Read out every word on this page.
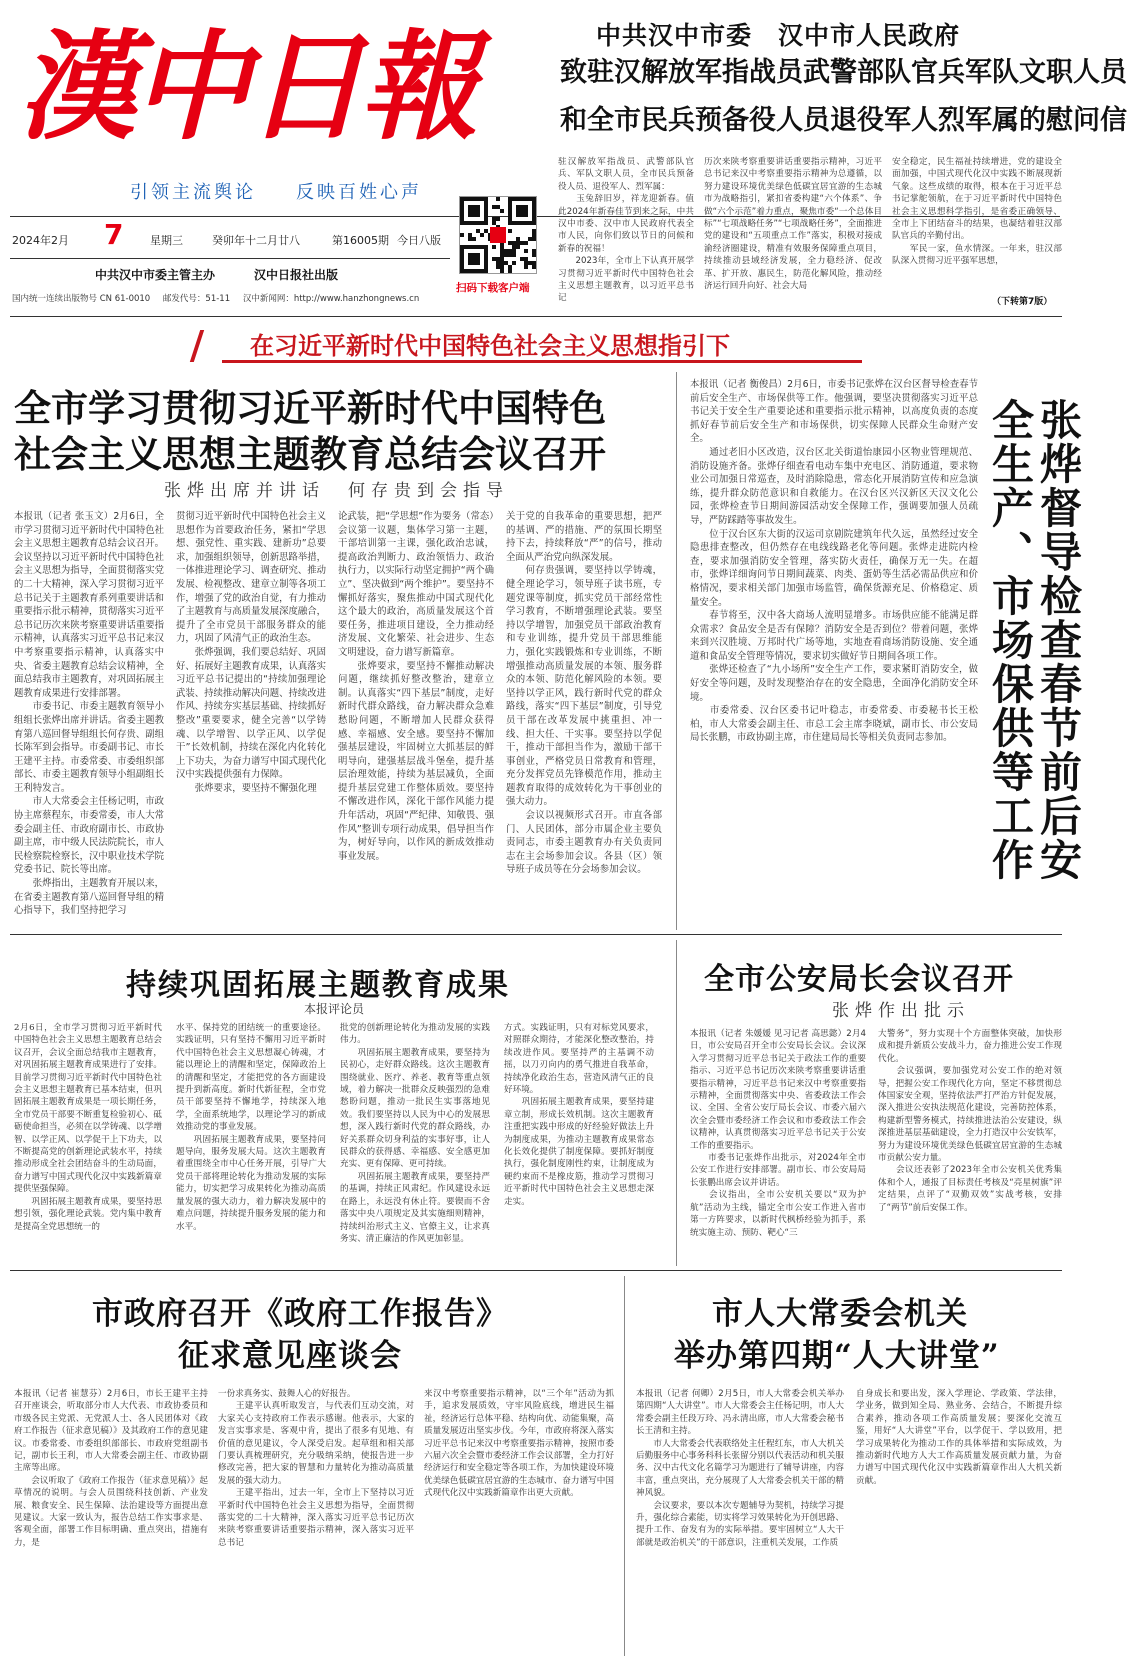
漢中日報
引领主流舆论 反映百姓心声
2024年2月 7 星期三	癸卯年十二月廿八	第16005期 今日八版
中共汉中市委主管主办	汉中日报社出版
国内统一连续出版物号 CN 61-0010 邮发代号：51-11 汉中新闻网：http://www.hanzhongnews.cn
扫码下载客户端
中共汉中市委　汉中市人民政府
致驻汉解放军指战员武警部队官兵军队文职人员
和全市民兵预备役人员退役军人烈军属的慰问信
驻汉解放军指战员、武警部队官兵、军队文职人员，全市民兵预备役人员、退役军人、烈军属：
　　玉兔辞旧岁，祥龙迎新春。值此2024年新春佳节到来之际，中共汉中市委、汉中市人民政府代表全市人民，向你们致以节日的问候和新春的祝福！
　　2023年，全市上下认真开展学习贯彻习近平新时代中国特色社会主义思想主题教育，以习近平总书记
历次来陕考察重要讲话重要指示精神，习近平总书记来汉中考察重要指示精神为总遵循，以努力建设环境优美绿色低碳宜居宜游的生态城市为战略指引，紧扣省委构建“六个体系”、争做“六个示范”着力重点，聚焦市委“一个总体目标”“七项战略任务”“七项战略任务”，全面推进党的建设和“五项重点工作”落实，积极对接成渝经济圈建设，精准有效服务保障重点项目，持续推动县域经济发展，全力稳经济、促改革、扩开放、惠民生，防范化解风险，推动经济运行回升向好、社会大局
安全稳定，民生福祉持续增进，党的建设全面加强，中国式现代化汉中实践不断展现新气象。这些成绩的取得，根本在于习近平总书记掌舵领航，在于习近平新时代中国特色社会主义思想科学指引，是省委正确领导、全市上下团结奋斗的结果，也凝结着驻汉部队官兵的辛勤付出。
　　军民一家，鱼水情深。一年来，驻汉部队深入贯彻习近平强军思想，
（下转第7版）
在习近平新时代中国特色社会主义思想指引下
全市学习贯彻习近平新时代中国特色
社会主义思想主题教育总结会议召开
张烨出席并讲话　何存贵到会指导
本报讯（记者 张玉文）2月6日，全市学习贯彻习近平新时代中国特色社会主义思想主题教育总结会议召开。会议坚持以习近平新时代中国特色社会主义思想为指导，全面贯彻落实党的二十大精神，深入学习贯彻习近平总书记关于主题教育系列重要讲话和重要指示批示精神，贯彻落实习近平总书记历次来陕考察重要讲话重要指示精神，认真落实习近平总书记来汉中考察重要指示精神，认真落实中央、省委主题教育总结会议精神，全面总结我市主题教育，对巩固拓展主题教育成果进行安排部署。
　　市委书记、市委主题教育领导小组组长张烨出席并讲话。省委主题教育第八巡回督导组组长何存贵、副组长陈军到会指导。市委副书记、市长王建平主持。市委常委、市委组织部部长、市委主题教育领导小组副组长王利特发言。
　　市人大常委会主任杨记明，市政协主席蔡程东，市委常委，市人大常委会副主任、市政府副市长、市政协副主席，市中级人民法院院长，市人民检察院检察长，汉中职业技术学院党委书记、院长等出席。
　　张烨指出，主题教育开展以来，在省委主题教育第八巡回督导组的精心指导下，我们坚持把学习
贯彻习近平新时代中国特色社会主义思想作为首要政治任务，紧扣“学思想、强党性、重实践、建新功”总要求，加强组织领导，创新思路举措，一体推进理论学习、调查研究、推动发展、检视整改、建章立制等各项工作，增强了党的政治自觉，有力推动了主题教育与高质量发展深度融合，提升了全市党员干部服务群众的能力，巩固了风清气正的政治生态。
　　张烨强调，我们要总结好、巩固好、拓展好主题教育成果，认真落实习近平总书记提出的“持续加强理论武装、持续推动解决问题、持续改进作风、持续夯实基层基础、持续抓好整改”重要要求，健全完善“以学铸魂、以学增智、以学正风、以学促干”长效机制，持续在深化内化转化上下功夫，为奋力谱写中国式现代化汉中实践提供强有力保障。
　　张烨要求，要坚持不懈强化理
论武装，把“学思想”作为要务（常态）会议第一议题，集体学习第一主题，干部培训第一主课，强化政治忠诚，提高政治判断力、政治领悟力、政治执行力，以实际行动坚定拥护“两个确立”、坚决做到“两个维护”。要坚持不懈抓好落实，聚焦推动中国式现代化这个最大的政治，高质量发展这个首要任务，推进项目建设，全力推动经济发展、文化繁荣、社会进步、生态文明建设，奋力谱写新篇章。
　　张烨要求，要坚持不懈推动解决问题，继续抓好整改整治，建章立制。认真落实“四下基层”制度，走好新时代群众路线，奋力解决群众急难愁盼问题，不断增加人民群众获得感、幸福感、安全感。要坚持不懈加强基层建设，牢固树立大抓基层的鲜明导向，建强基层战斗堡垒，提升基层治理效能，持续为基层减负，全面提升基层党建工作整体质效。要坚持不懈改进作风，深化干部作风能力提升年活动，巩固“严纪律、知敬畏、强作风”整训专项行动成果，倡导担当作为，树好导向，以作风的新成效推动事业发展。
关于党的自我革命的重要思想，把严的基调、严的措施、严的氛围长期坚持下去，持续释放“严”的信号，推动全面从严治党向纵深发展。
　　何存贵强调，要坚持以学铸魂，健全理论学习，领导班子读书班，专题党课等制度，抓实党员干部经常性学习教育，不断增强理论武装。要坚持以学增智，加强党员干部政治教育和专业训练，提升党员干部思维能力，强化实践锻炼和专业训练，不断增强推动高质量发展的本领、服务群众的本领、防范化解风险的本领。要坚持以学正风，践行新时代党的群众路线，落实“四下基层”制度，引导党员干部在改革发展中挑重担、冲一线、担大任、干实事。要坚持以学促干，推动干部担当作为，激励干部干事创业，严格党员日常教育和管理，充分发挥党员先锋模范作用，推动主题教育取得的成效转化为干事创业的强大动力。
　　会议以视频形式召开。市直各部门、人民团体，部分市属企业主要负责同志，市委主题教育办有关负责同志在主会场参加会议。各县（区）领导班子成员等在分会场参加会议。
本报讯（记者 衡俊昌）2月6日，市委书记张烨在汉台区督导检查春节前后安全生产、市场保供等工作。他强调，要坚决贯彻落实习近平总书记关于安全生产重要论述和重要指示批示精神，以高度负责的态度抓好春节前后安全生产和市场保供，切实保障人民群众生命财产安全。
　　通过老旧小区改造，汉台区北关街道怡康园小区物业管理规范、消防设施齐备。张烨仔细查看电动车集中充电区、消防通道，要求物业公司加强日常巡查，及时消除隐患，常态化开展消防宣传和应急演练，提升群众防范意识和自救能力。在汉台区兴汉新区天汉文化公园，张烨检查节日期间游园活动安全保障工作，强调要加强人员疏导，严防踩踏等事故发生。
　　位于汉台区东大街的汉运司京剧院建筑年代久远，虽然经过安全隐患排查整改，但仍然存在电线线路老化等问题。张烨走进院内检查，要求加强消防安全管理，落实防火责任，确保万无一失。在超市，张烨详细询问节日期间蔬菜、肉类、蛋奶等生活必需品供应和价格情况，要求相关部门加强市场监管，确保货源充足、价格稳定、质量安全。
　　春节将至，汉中各大商场人流明显增多。市场供应能不能满足群众需求？食品安全是否有保障？消防安全是否到位？带着问题，张烨来到兴汉胜境、万邦时代广场等地，实地查看商场消防设施、安全通道和食品安全管理等情况，要求切实做好节日期间各项工作。
　　张烨还检查了“九小场所”安全生产工作，要求紧盯消防安全，做好安全等问题，及时发现整治存在的安全隐患，全面净化消防安全环境。
　　市委常委、汉台区委书记叶稳志，市委常委、市委秘书长王松柏，市人大常委会副主任、市总工会主席李晓斌，副市长、市公安局局长张鹏，市政协副主席，市住建局局长等相关负责同志参加。	张烨督导检查春节前后安全生产、市场保供等工作
持续巩固拓展主题教育成果
本报评论员
2月6日，全市学习贯彻习近平新时代中国特色社会主义思想主题教育总结会议召开，会议全面总结我市主题教育，对巩固拓展主题教育成果进行了安排。目前学习贯彻习近平新时代中国特色社会主义思想主题教育已基本结束，但巩固拓展主题教育成果是一项长期任务，全市党员干部要不断重复检验初心、砥砺使命担当，必须在以学铸魂、以学增智、以学正风、以学促干上下功夫，以不断提高党的创新理论武装水平，持续推动形成全社会团结奋斗的生动局面，奋力谱写中国式现代化汉中实践新篇章提供坚强保障。
　　巩固拓展主题教育成果，要坚持思想引领，强化理论武装。党内集中教育是提高全党思想统一的
水平、保持党的团结统一的重要途径。实践证明，只有坚持不懈用习近平新时代中国特色社会主义思想凝心铸魂，才能以理论上的清醒和坚定，保障政治上的清醒和坚定，才能把党的各方面建设提升到新高度。新时代新征程，全市党员干部要坚持不懈地学，持续深入地学，全面系统地学，以理论学习的新成效推动党的事业发展。
　　巩固拓展主题教育成果，要坚持问题导向，服务发展大局。这次主题教育着重围绕全市中心任务开展，引导广大党员干部将理论转化为推动发展的实际能力，切实把学习成果转化为推动高质量发展的强大动力，着力解决发展中的难点问题，持续提升服务发展的能力和水平。
批党的创新理论转化为推动发展的实践伟力。
　　巩固拓展主题教育成果，要坚持为民初心，走好群众路线。这次主题教育围绕就业、医疗、养老、教育等重点领域，着力解决一批群众反映强烈的急难愁盼问题，推动一批民生实事落地见效。我们要坚持以人民为中心的发展思想，深入践行新时代党的群众路线，办好关系群众切身利益的实事好事，让人民群众的获得感、幸福感、安全感更加充实、更有保障、更可持续。
　　巩固拓展主题教育成果，要坚持严的基调，持续正风肃纪。作风建设永远在路上，永远没有休止符。要锲而不舍落实中央八项规定及其实施细则精神，持续纠治形式主义、官僚主义，让求真务实、清正廉洁的作风更加彰显。
方式。实践证明，只有对标党风要求，对照群众期待，才能深化整改整治，持续改进作风。要坚持严的主基调不动摇，以刀刃向内的勇气推进自我革命，持续净化政治生态，营造风清气正的良好环境。
　　巩固拓展主题教育成果，要坚持建章立制，形成长效机制。这次主题教育注重把实践中形成的好经验好做法上升为制度成果，为推动主题教育成果常态化长效化提供了制度保障。要抓好制度执行，强化制度刚性约束，让制度成为硬约束而不是橡皮筋，推动学习贯彻习近平新时代中国特色社会主义思想走深走实。
全市公安局长会议召开
张烨作出批示
本报讯（记者 朱媛媛 见习记者 高思懿）2月4日，市公安局召开全市公安局长会议。会议深入学习贯彻习近平总书记关于政法工作的重要指示、习近平总书记历次来陕考察重要讲话重要指示精神，习近平总书记来汉中考察重要指示精神，全面贯彻落实中央、省委政法工作会议、全国、全省公安厅局长会议、市委六届六次全会暨市委经济工作会议和市委政法工作会议精神，认真贯彻落实习近平总书记关于公安工作的重要指示。
　　市委书记张烨作出批示，对2024年全市公安工作进行安排部署。副市长、市公安局局长张鹏出席会议并讲话。
　　会议指出，全市公安机关要以“双为护航”活动为主线，锚定全市公安工作进入省市第一方阵要求，以新时代枫桥经验为抓手，系统实施主动、预防、靶心“三
大警务”，努力实现十个方面整体突破，加快形成和提升新质公安战斗力，奋力推进公安工作现代化。
　　会议强调，要加强党对公安工作的绝对领导，把握公安工作现代化方向，坚定不移贯彻总体国家安全观，坚持依法严打严治方针促发展，深入推进公安执法规范化建设，完善防控体系，构建新型警务模式，持续推进法治公安建设，纵深推进基层基础建设，全力打造汉中公安铁军，努力为建设环境优美绿色低碳宜居宜游的生态城市贡献公安力量。
　　会议还表彰了2023年全市公安机关优秀集体和个人，通报了目标责任考核及“亮星树旗”评定结果，点评了“双勤双效”实战考核，安排了“两节”前后安保工作。
市政府召开《政府工作报告》
征求意见座谈会
本报讯（记者 崔慧芬）2月6日，市长王建平主持召开座谈会，听取部分市人大代表、市政协委员和市级各民主党派、无党派人士、各人民团体对《政府工作报告（征求意见稿）》及其政府工作的意见建议。市委常委、市委组织部部长、市政府党组副书记，副市长王利，市人大常委会副主任、市政协副主席等出席。
　　会议听取了《政府工作报告（征求意见稿）》起草情况的说明。与会人员围绕科技创新、产业发展、粮食安全、民生保障、法治建设等方面提出意见建议。大家一致认为，报告总结工作实事求是、客观全面，部署工作目标明确、重点突出，措施有力，是
一份求真务实、鼓舞人心的好报告。
　　王建平认真听取发言，与代表们互动交流，对大家关心支持政府工作表示感谢。他表示，大家的发言实事求是、客观中肯，提出了很多有见地、有价值的意见建议，令人深受启发。起草组和相关部门要认真梳理研究，充分吸纳采纳，使报告进一步修改完善，把大家的智慧和力量转化为推动高质量发展的强大动力。
　　王建平指出，过去一年，全市上下坚持以习近平新时代中国特色社会主义思想为指导，全面贯彻落实党的二十大精神，深入落实习近平总书记历次来陕考察重要讲话重要指示精神，深入落实习近平总书记
来汉中考察重要指示精神，以“三个年”活动为抓手，追求发展质效，守牢风险底线，增进民生福祉，经济运行总体平稳、结构向优、动能集聚，高质量发展迈出坚实步伐。今年，市政府将深入落实习近平总书记来汉中考察重要指示精神，按照市委六届六次全会暨市委经济工作会议部署，全力打好经济运行和安全稳定等各项工作，为加快建设环境优美绿色低碳宜居宜游的生态城市、奋力谱写中国式现代化汉中实践新篇章作出更大贡献。
市人大常委会机关
举办第四期“人大讲堂”
本报讯（记者 何卿）2月5日，市人大常委会机关举办第四期“人大讲堂”。市人大常委会主任杨记明，市人大常委会副主任段万玲、冯永清出席，市人大常委会秘书长王清和主持。
　　市人大常委会代表联络处主任程红东，市人大机关后勤服务中心事务科科长张留分别以代表活动和机关服务、汉中古代文化名篇学习为题进行了辅导讲座，内容丰富，重点突出，充分展现了人大常委会机关干部的精神风貌。
　　会议要求，要以本次专题辅导为契机，持续学习提升，强化综合素能，切实将学习效果转化为开创思路、提升工作、奋发有为的实际举措。要牢固树立“人大干部就是政治机关”的干部意识，注重机关发展，工作质
自身成长和要出发，深入学理论、学政策、学法律，学业务，做到知全局、熟业务、会结合，不断提升综合素养，推动各项工作高质量发展；要深化交流互鉴，用好“人大讲堂”平台，以学促干、学以致用，把学习成果转化为推动工作的具体举措和实际成效，为推动新时代地方人大工作高质量发展贡献力量，为奋力谱写中国式现代化汉中实践新篇章作出人大机关新贡献。
